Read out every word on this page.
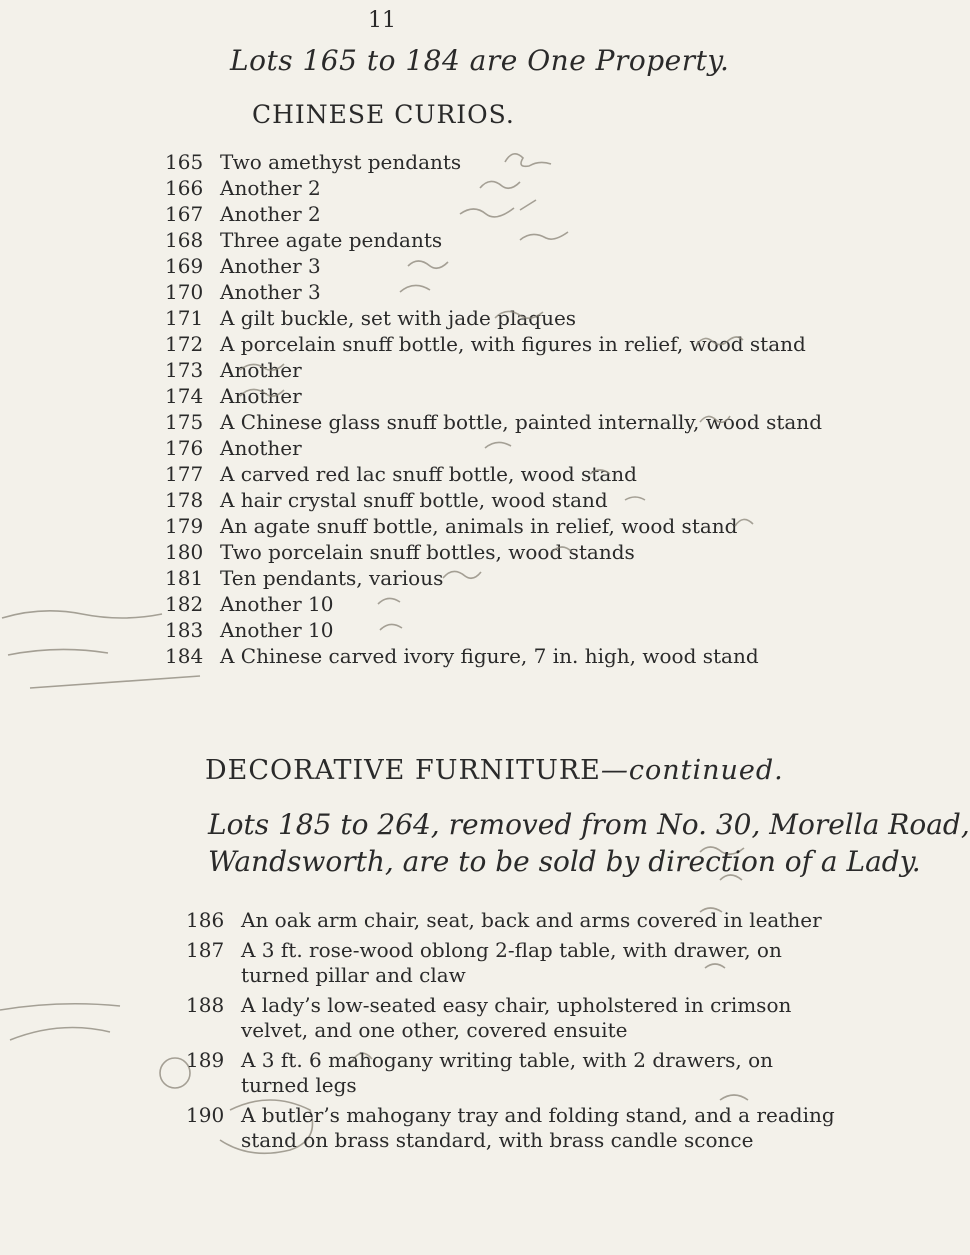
11
Lots 165 to 184 are One Property.
CHINESE CURIOS.
165 Two amethyst pendants
166 Another 2
167 Another 2
168 Three agate pendants
169 Another 3
170 Another 3
171 A gilt buckle, set with jade plaques
172 A porcelain snuff bottle, with figures in relief, wood stand
173 Another
174 Another
175 A Chinese glass snuff bottle, painted internally, wood stand
176 Another
177 A carved red lac snuff bottle, wood stand
178 A hair crystal snuff bottle, wood stand
179 An agate snuff bottle, animals in relief, wood stand
180 Two porcelain snuff bottles, wood stands
181 Ten pendants, various
182 Another 10
183 Another 10
184 A Chinese carved ivory figure, 7 in. high, wood stand
DECORATIVE FURNITURE—continued.
Lots 185 to 264, removed from No. 30, Morella Road,
Wandsworth, are to be sold by direction of a Lady.
186 An oak arm chair, seat, back and arms covered in leather
187 A 3 ft. rose-wood oblong 2-flap table, with drawer, on
turned pillar and claw
188 A lady’s low-seated easy chair, upholstered in crimson
velvet, and one other, covered ensuite
189 A 3 ft. 6 mahogany writing table, with 2 drawers, on
turned legs
190 A butler’s mahogany tray and folding stand, and a reading
stand on brass standard, with brass candle sconce
